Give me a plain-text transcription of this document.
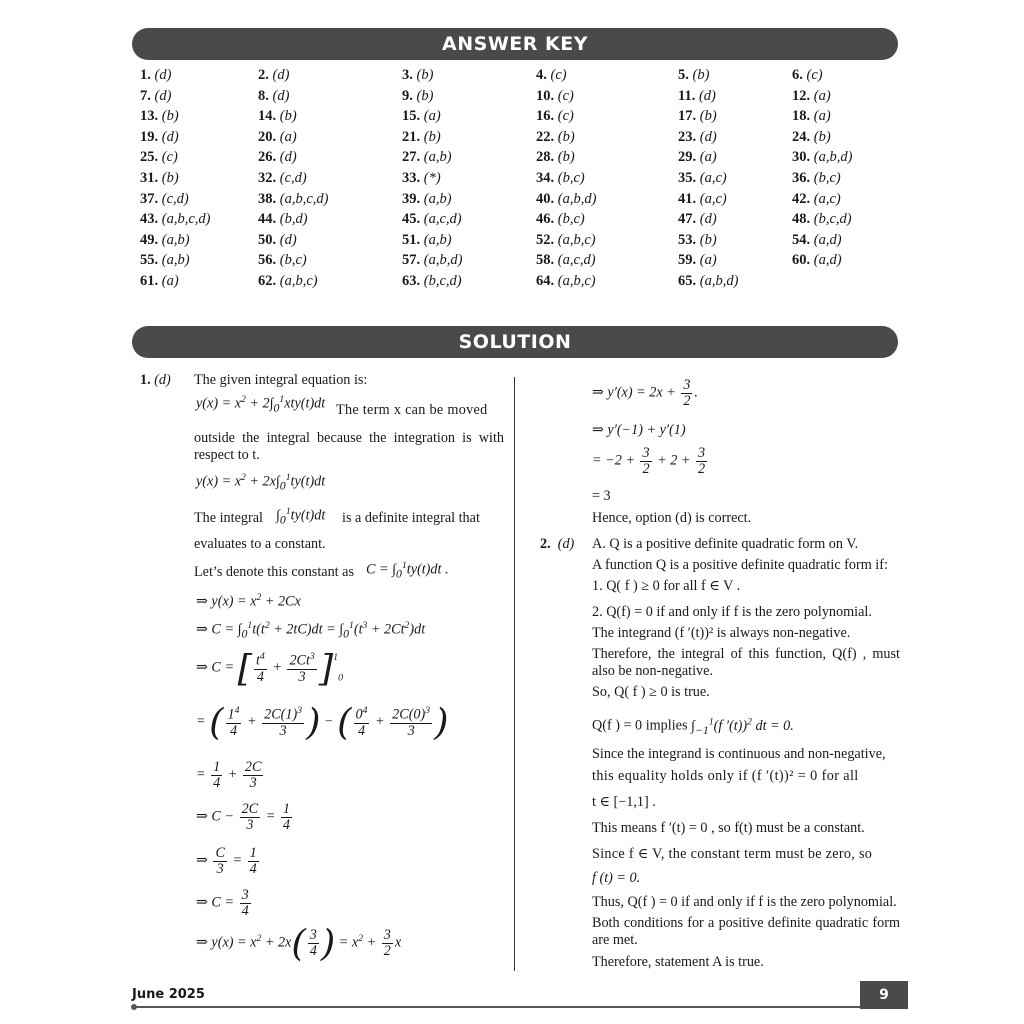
ANSWER KEY
1. (d)	2. (d)	3. (b)	4. (c)	5. (b)	6. (c)
7. (d)	8. (d)	9. (b)	10. (c)	11. (d)	12. (a)
13. (b)	14. (b)	15. (a)	16. (c)	17. (b)	18. (a)
19. (d)	20. (a)	21. (b)	22. (b)	23. (d)	24. (b)
25. (c)	26. (d)	27. (a,b)	28. (b)	29. (a)	30. (a,b,d)
31. (b)	32. (c,d)	33. (*)	34. (b,c)	35. (a,c)	36. (b,c)
37. (c,d)	38. (a,b,c,d)	39. (a,b)	40. (a,b,d)	41. (a,c)	42. (a,c)
43. (a,b,c,d)	44. (b,d)	45. (a,c,d)	46. (b,c)	47. (d)	48. (b,c,d)
49. (a,b)	50. (d)	51. (a,b)	52. (a,b,c)	53. (b)	54. (a,d)
55. (a,b)	56. (b,c)	57. (a,b,d)	58. (a,c,d)	59. (a)	60. (a,d)
61. (a)	62. (a,b,c)	63. (b,c,d)	64. (a,b,c)	65. (a,b,d)
SOLUTION
1. (d) The given integral equation is:
$y(x) = x^2 + 2\int_0^1xty(t)dt$ The term x can be moved
outside the integral because the integration is with respect to t.
$y(x) = x^2 + 2x\int_0^1ty(t)dt$
The integral $\int_0^1ty(t)dt$ is a definite integral that
evaluates to a constant.
Let’s denote this constant as $C = \int_0^1ty(t)dt$ .
⇒ $y(x) = x^2 + 2Cx$
⇒ $C = \int_0^1t(t^2 + 2tC)dt = \int_0^1(t^3 + 2Ct^2)dt$
⇒ C = [ $\frac{t^4}{4} + \frac{2Ct^3}{3} ]^10$
= ( $\frac{1^4}{4} + \frac{2C(1)^3}{3}$ ) − ( $\frac{0^4}{4} + \frac{2C(0)^3}{3}$ )
= $\frac{1}{4} + \frac{2C}{3}$
⇒ $C - \frac{2C}{3} = \frac{1}{4}$
⇒ $\frac{C}{3} = \frac{1}{4}$
⇒ $C = \frac{3}{4}$
⇒ $y(x) = x^2 + 2x( \frac{3}{4}$ ) = $x^2 + \frac{3}{2}$ x
⇒ $y'(x) = 2x + \frac{3}{2}$ .
⇒ y′(−1) + y′(1)
= $-2 + \frac{3}{2} + 2 + \frac{3}{2}$
= 3
Hence, option (d) is correct.
2. (d) A. Q is a positive definite quadratic form on V.
A function Q is a positive definite quadratic form if:
1. Q( f ) ≥ 0 for all f ∈ V .
2. Q(f) = 0 if and only if f is the zero polynomial.
The integrand (f ′(t))² is always non-negative.
Therefore, the integral of this function, Q(f) , must also be non-negative.
So, Q( f ) ≥ 0 is true.
Q(f ) = 0 implies $\int_{-1}^1(f$ ′(t))$^2$ dt = 0.
Since the integrand is continuous and non-negative,
this equality holds only if (f ′(t))² = 0 for all
t ∈ [−1,1] .
This means f ′(t) = 0 , so f(t) must be a constant.
Since f ∈ V, the constant term must be zero, so
f (t) = 0.
Thus, Q(f ) = 0 if and only if f is the zero polynomial.
Both conditions for a positive definite quadratic form are met.
Therefore, statement A is true.
June 2025	9
